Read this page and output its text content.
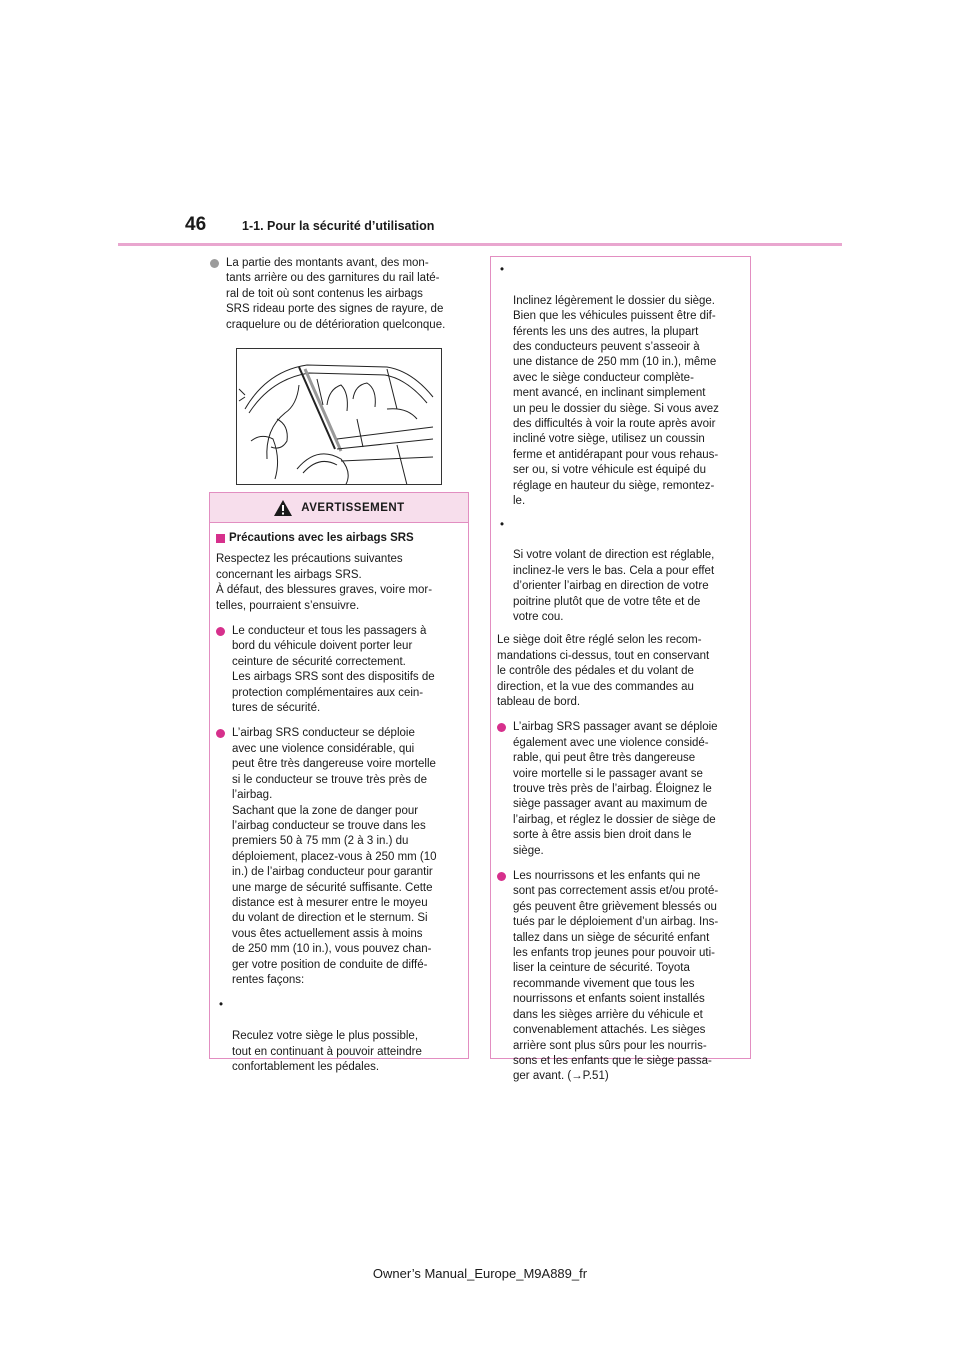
46	1-1. Pour la sécurité d’utilisation
La partie des montants avant, des mon-
tants arrière ou des garnitures du rail laté-
ral de toit où sont contenus les airbags
SRS rideau porte des signes de rayure, de
craquelure ou de détérioration quelconque.
AVERTISSEMENT
Précautions avec les airbags SRS
Respectez les précautions suivantes
concernant les airbags SRS.
À défaut, des blessures graves, voire mor-
telles, pourraient s’ensuivre.
Le conducteur et tous les passagers à
bord du véhicule doivent porter leur
ceinture de sécurité correctement.
Les airbags SRS sont des dispositifs de
protection complémentaires aux cein-
tures de sécurité.
L’airbag SRS conducteur se déploie
avec une violence considérable, qui
peut être très dangereuse voire mortelle
si le conducteur se trouve très près de
l’airbag.
Sachant que la zone de danger pour
l’airbag conducteur se trouve dans les
premiers 50 à 75 mm (2 à 3 in.) du
déploiement, placez-vous à 250 mm (10
in.) de l’airbag conducteur pour garantir
une marge de sécurité suffisante. Cette
distance est à mesurer entre le moyeu
du volant de direction et le sternum. Si
vous êtes actuellement assis à moins
de 250 mm (10 in.), vous pouvez chan-
ger votre position de conduite de diffé-
rentes façons:

•

Reculez votre siège le plus possible,
tout en continuant à pouvoir atteindre
confortablement les pédales.

•

Inclinez légèrement le dossier du siège.
Bien que les véhicules puissent être dif-
férents les uns des autres, la plupart
des conducteurs peuvent s’asseoir à
une distance de 250 mm (10 in.), même
avec le siège conducteur complète-
ment avancé, en inclinant simplement
un peu le dossier du siège. Si vous avez
des difficultés à voir la route après avoir
incliné votre siège, utilisez un coussin
ferme et antidérapant pour vous rehaus-
ser ou, si votre véhicule est équipé du
réglage en hauteur du siège, remontez-
le.

•

Si votre volant de direction est réglable,
inclinez-le vers le bas. Cela a pour effet
d’orienter l’airbag en direction de votre
poitrine plutôt que de votre tête et de
votre cou.

Le siège doit être réglé selon les recom-
mandations ci-dessus, tout en conservant
le contrôle des pédales et du volant de
direction, et la vue des commandes au
tableau de bord.
L’airbag SRS passager avant se déploie
également avec une violence considé-
rable, qui peut être très dangereuse
voire mortelle si le passager avant se
trouve très près de l’airbag. Éloignez le
siège passager avant au maximum de
l’airbag, et réglez le dossier de siège de
sorte à être assis bien droit dans le
siège.
Les nourrissons et les enfants qui ne
sont pas correctement assis et/ou proté-
gés peuvent être grièvement blessés ou
tués par le déploiement d’un airbag. Ins-
tallez dans un siège de sécurité enfant
les enfants trop jeunes pour pouvoir uti-
liser la ceinture de sécurité. Toyota
recommande vivement que tous les
nourrissons et enfants soient installés
dans les sièges arrière du véhicule et
convenablement attachés. Les sièges
arrière sont plus sûrs pour les nourris-
sons et les enfants que le siège passa-
ger avant. (→P.51)
Owner’s Manual_Europe_M9A889_fr
